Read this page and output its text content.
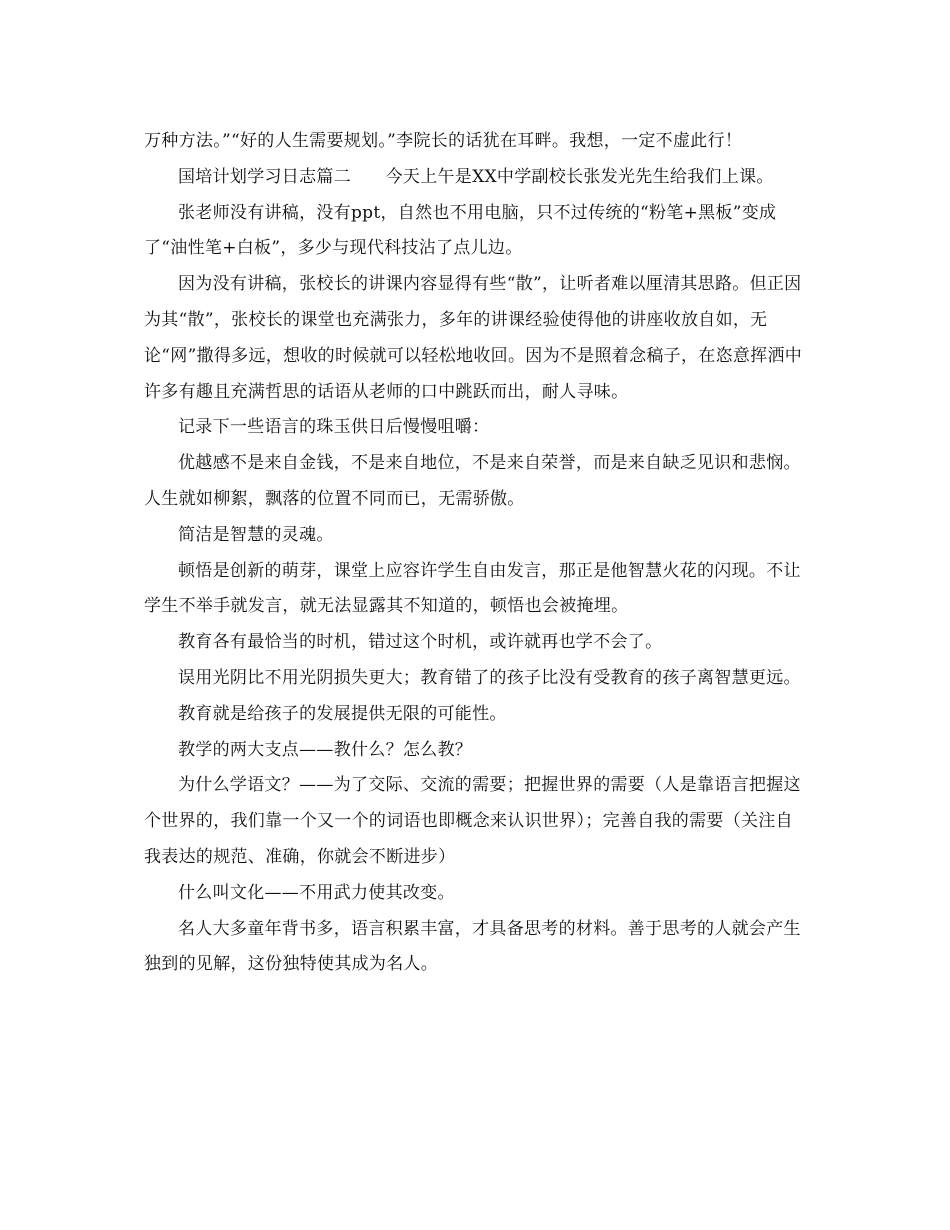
万种方法。”“好的人生需要规划。”李院长的话犹在耳畔。我想，一定不虚此行！

国培计划学习日志篇二　　今天上午是XX中学副校长张发光先生给我们上课。

张老师没有讲稿，没有ppt，自然也不用电脑，只不过传统的“粉笔+黑板”变成了“油性笔+白板”，多少与现代科技沾了点儿边。

因为没有讲稿，张校长的讲课内容显得有些“散”，让听者难以厘清其思路。但正因为其“散”，张校长的课堂也充满张力，多年的讲课经验使得他的讲座收放自如，无论“网”撒得多远，想收的时候就可以轻松地收回。因为不是照着念稿子，在恣意挥洒中许多有趣且充满哲思的话语从老师的口中跳跃而出，耐人寻味。

记录下一些语言的珠玉供日后慢慢咀嚼：

优越感不是来自金钱，不是来自地位，不是来自荣誉，而是来自缺乏见识和悲悯。人生就如柳絮，飘落的位置不同而已，无需骄傲。

简洁是智慧的灵魂。

顿悟是创新的萌芽，课堂上应容许学生自由发言，那正是他智慧火花的闪现。不让学生不举手就发言，就无法显露其不知道的，顿悟也会被掩埋。

教育各有最恰当的时机，错过这个时机，或许就再也学不会了。

误用光阴比不用光阴损失更大；教育错了的孩子比没有受教育的孩子离智慧更远。

教育就是给孩子的发展提供无限的可能性。

教学的两大支点——教什么？怎么教？

为什么学语文？——为了交际、交流的需要；把握世界的需要（人是靠语言把握这个世界的，我们靠一个又一个的词语也即概念来认识世界）；完善自我的需要（关注自我表达的规范、准确，你就会不断进步）

什么叫文化——不用武力使其改变。

名人大多童年背书多，语言积累丰富，才具备思考的材料。善于思考的人就会产生独到的见解，这份独特使其成为名人。
